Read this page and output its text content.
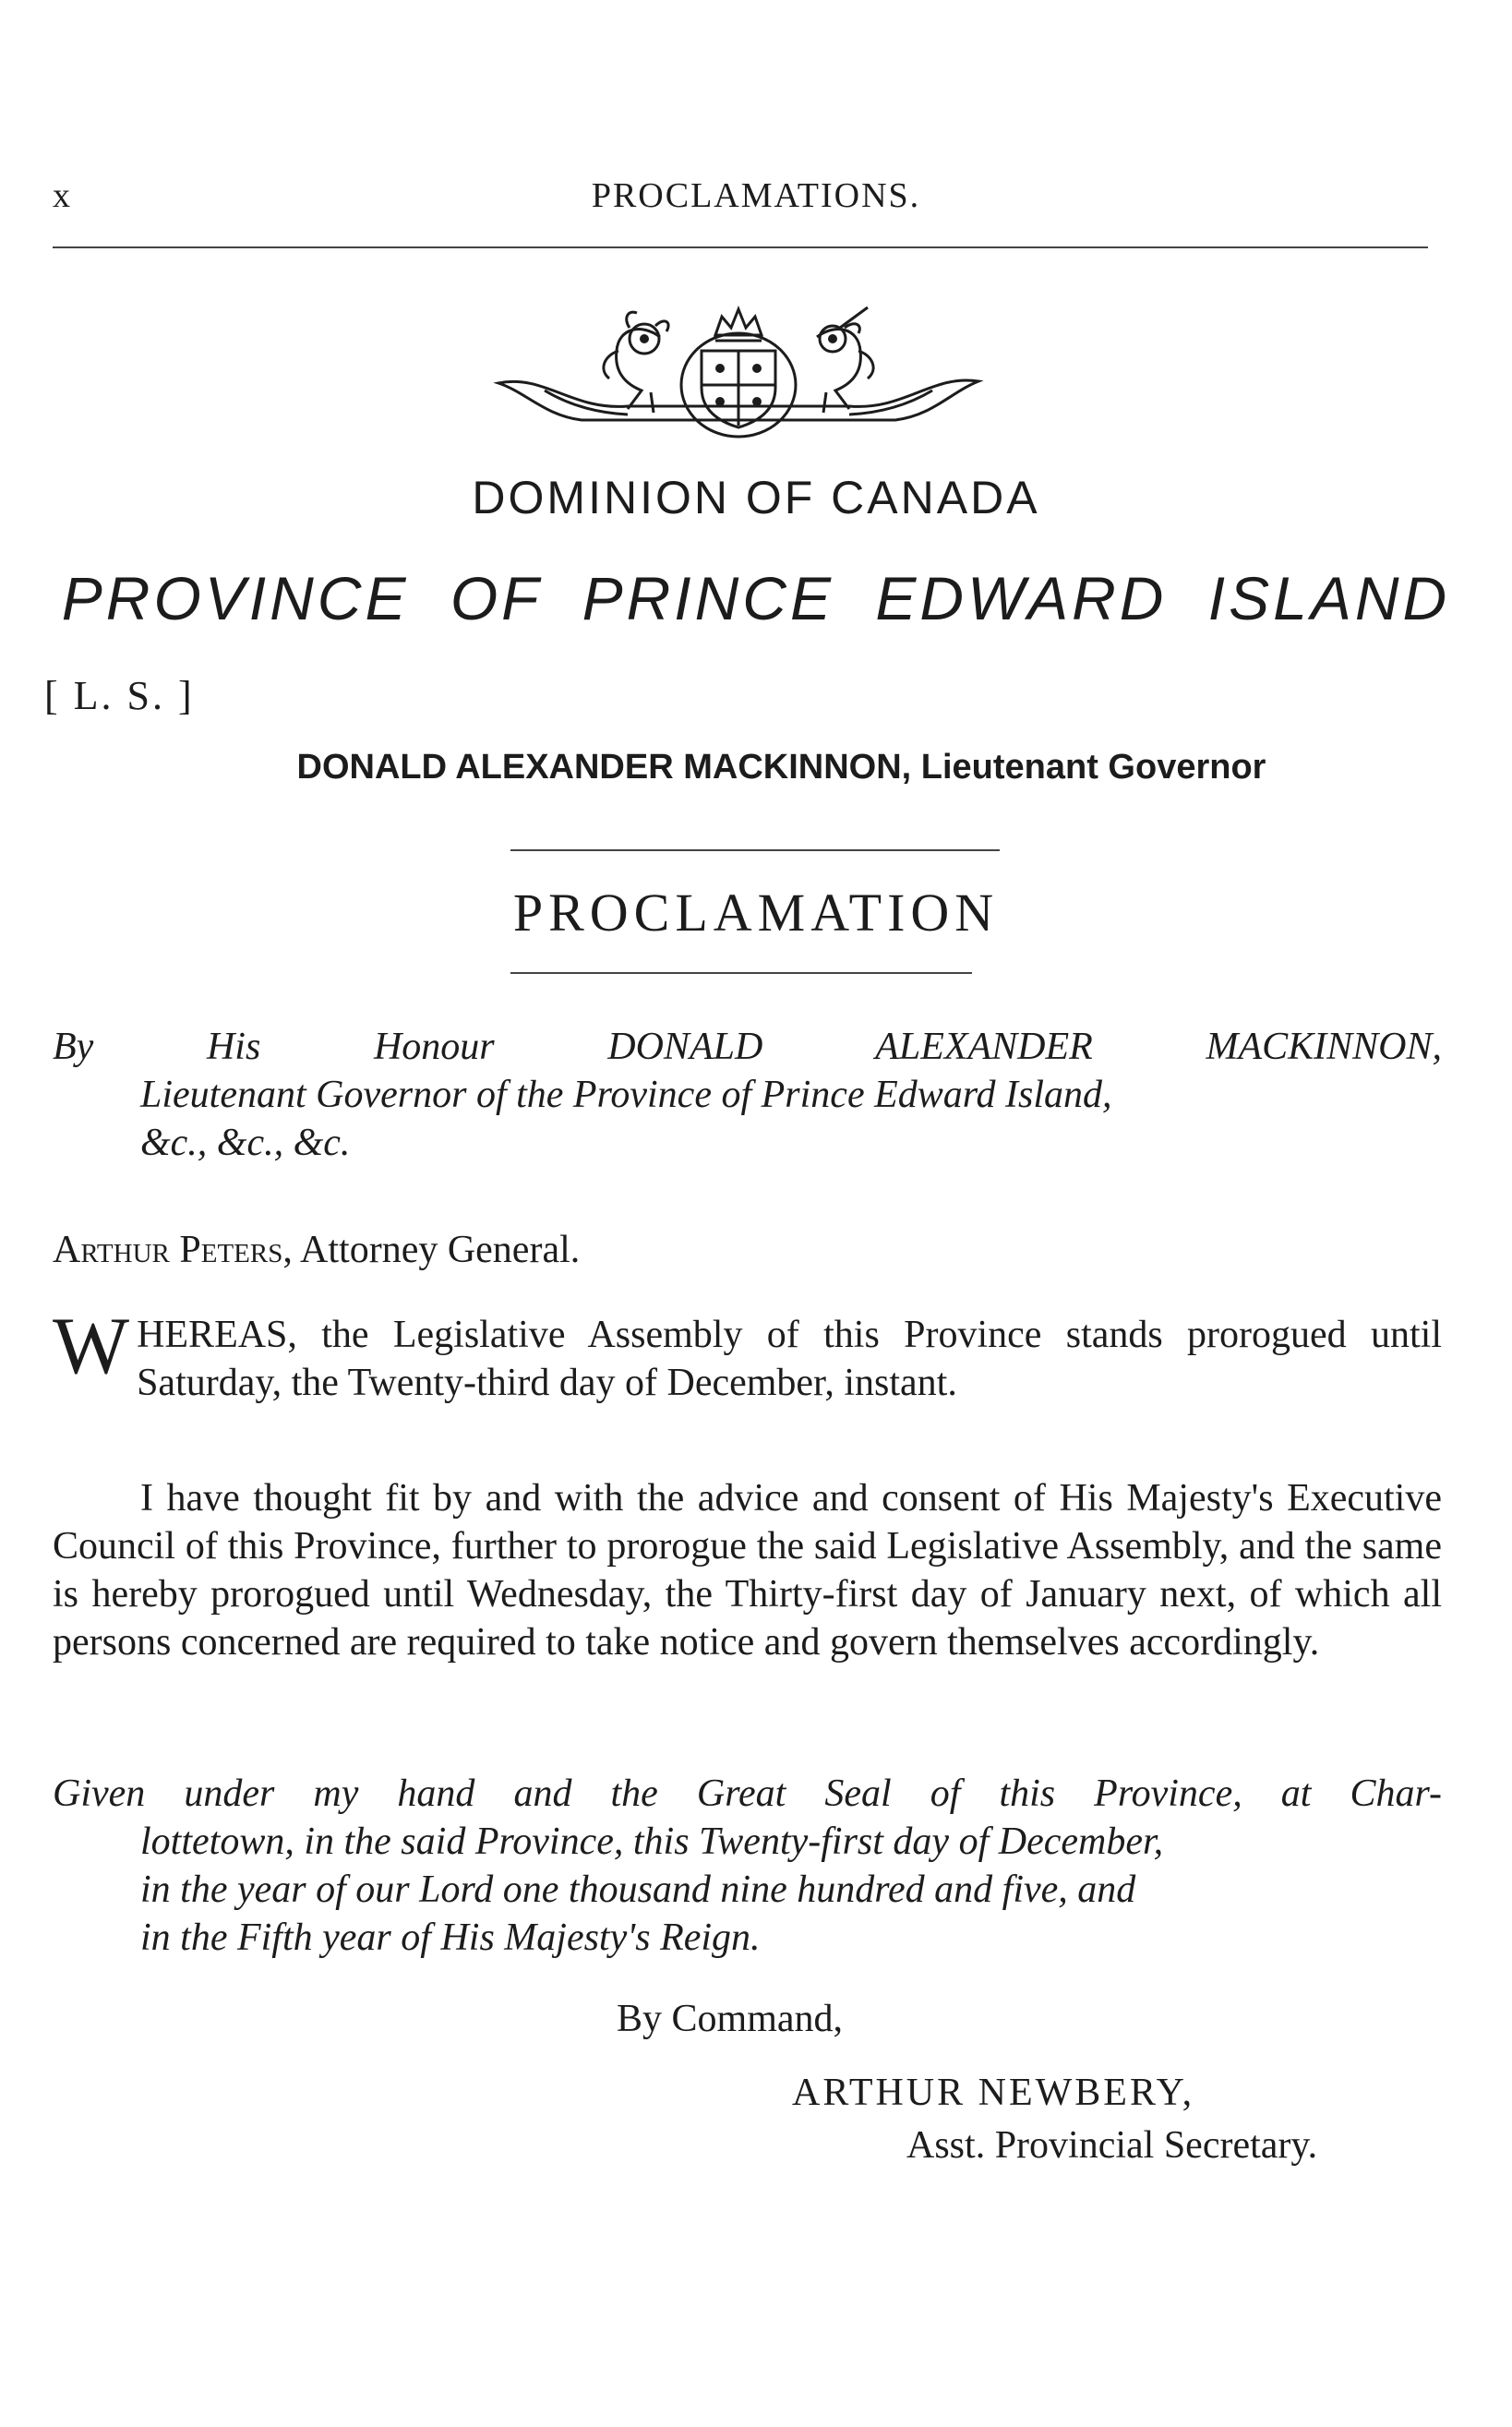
x	PROCLAMATIONS.
DOMINION OF CANADA
PROVINCE OF PRINCE EDWARD ISLAND
[ L. S. ]
DONALD ALEXANDER MACKINNON, Lieutenant Governor
PROCLAMATION
By His Honour DONALD ALEXANDER MACKINNON,
Lieutenant Governor of the Province of Prince Edward Island,
&c., &c., &c.
Arthur Peters, Attorney General.
W HEREAS, the Legislative Assembly of this Province stands prorogued until Saturday, the Twenty-third day of December, instant.
I have thought fit by and with the advice and consent of His Majesty's Executive Council of this Province, further to prorogue the said Legislative Assembly, and the same is hereby prorogued until Wednesday, the Thirty-first day of January next, of which all persons concerned are required to take notice and govern themselves accordingly.
Given under my hand and the Great Seal of this Province, at Char-
lottetown, in the said Province, this Twenty-first day of December,
in the year of our Lord one thousand nine hundred and five, and
in the Fifth year of His Majesty's Reign.
By Command,
ARTHUR NEWBERY,
Asst. Provincial Secretary.
